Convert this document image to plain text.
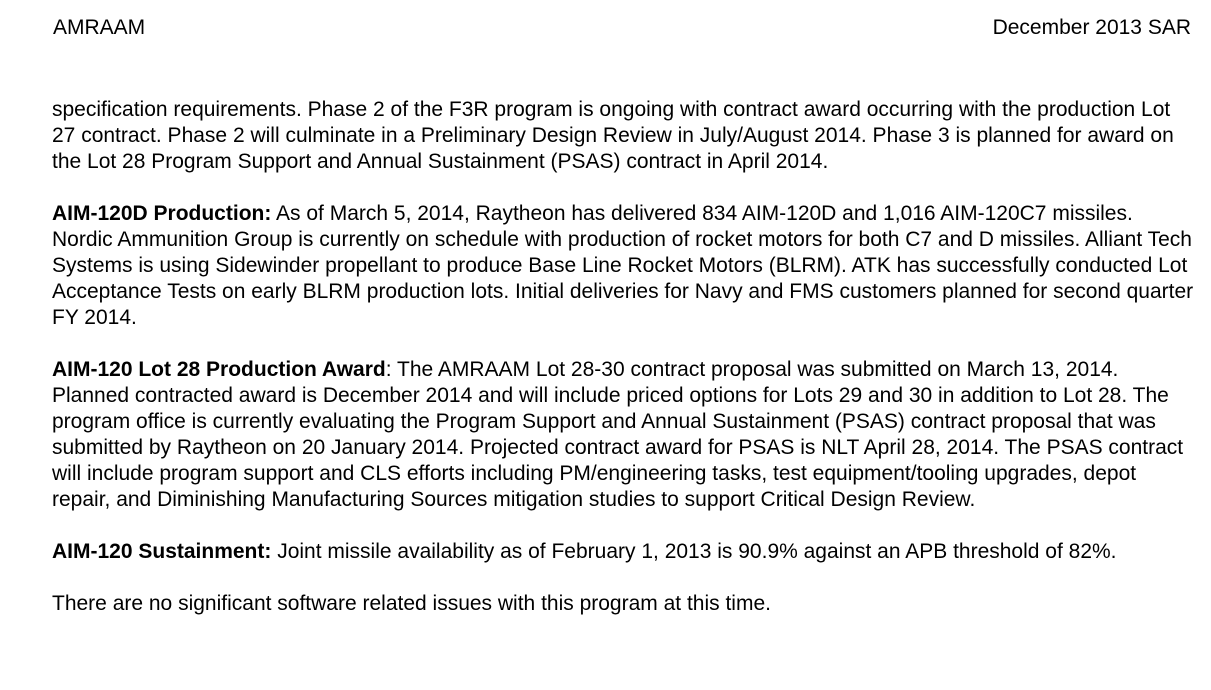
AMRAAM	December 2013 SAR

specification requirements. Phase 2 of the F3R program is ongoing with contract award occurring with the production Lot 27 contract. Phase 2 will culminate in a Preliminary Design Review in July/August 2014. Phase 3 is planned for award on the Lot 28 Program Support and Annual Sustainment (PSAS) contract in April 2014.

AIM-120D Production: As of March 5, 2014, Raytheon has delivered 834 AIM-120D and 1,016 AIM-120C7 missiles. Nordic Ammunition Group is currently on schedule with production of rocket motors for both C7 and D missiles. Alliant Tech Systems is using Sidewinder propellant to produce Base Line Rocket Motors (BLRM). ATK has successfully conducted Lot Acceptance Tests on early BLRM production lots. Initial deliveries for Navy and FMS customers planned for second quarter FY 2014.

AIM-120 Lot 28 Production Award: The AMRAAM Lot 28-30 contract proposal was submitted on March 13, 2014. Planned contracted award is December 2014 and will include priced options for Lots 29 and 30 in addition to Lot 28. The program office is currently evaluating the Program Support and Annual Sustainment (PSAS) contract proposal that was submitted by Raytheon on 20 January 2014. Projected contract award for PSAS is NLT April 28, 2014. The PSAS contract will include program support and CLS efforts including PM/engineering tasks, test equipment/tooling upgrades, depot repair, and Diminishing Manufacturing Sources mitigation studies to support Critical Design Review.

AIM-120 Sustainment: Joint missile availability as of February 1, 2013 is 90.9% against an APB threshold of 82%.

There are no significant software related issues with this program at this time.
